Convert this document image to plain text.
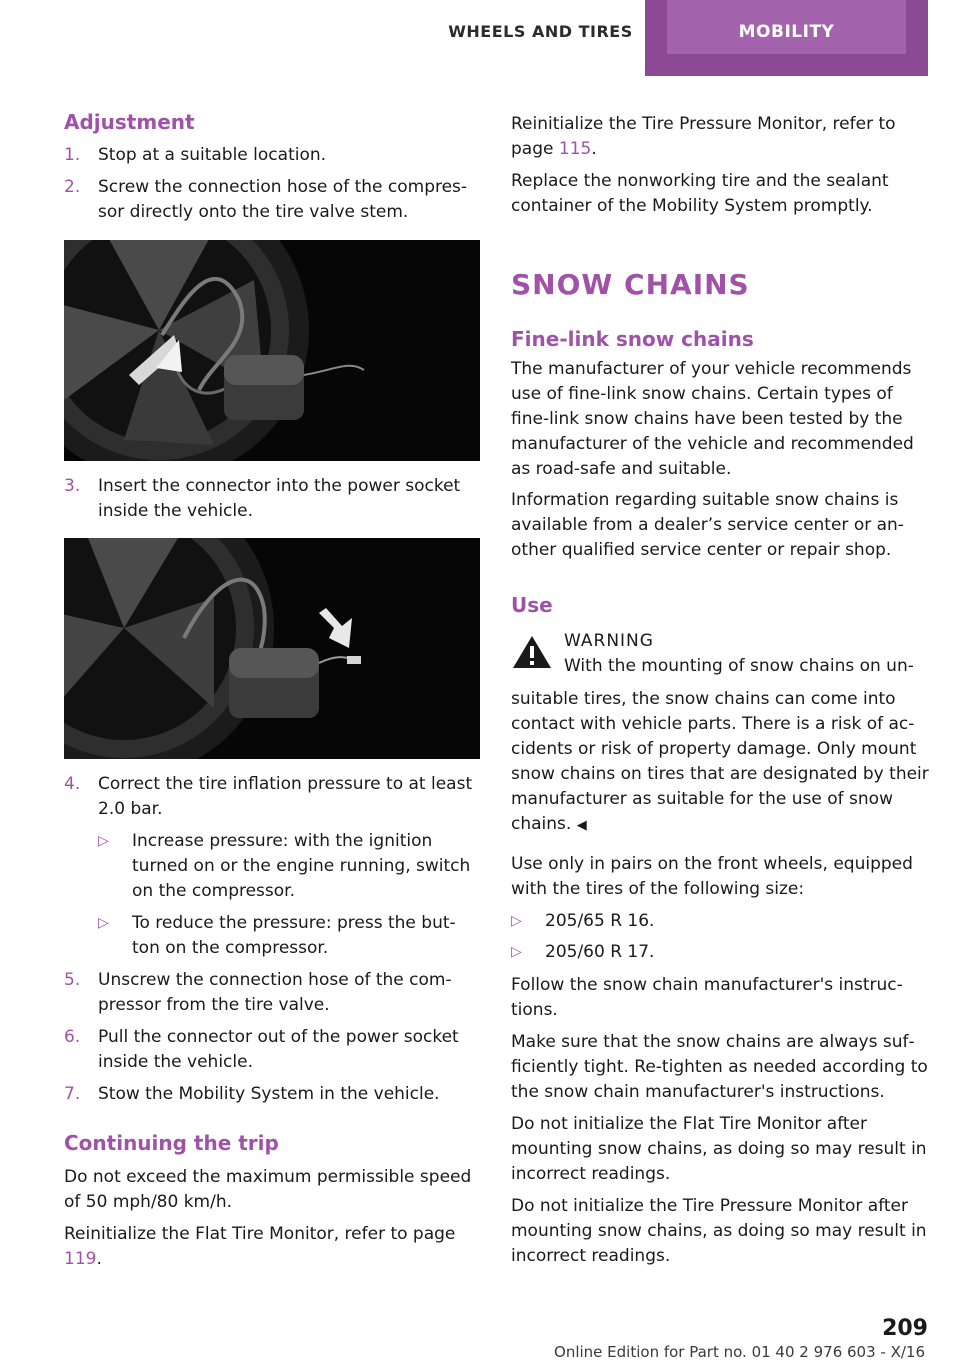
WHEELS AND TIRES	MOBILITY
Adjustment
1. Stop at a suitable location.
2. Screw the connection hose of the compres‐ sor directly onto the tire valve stem.
3. Insert the connector into the power socket inside the vehicle.
4. Correct the tire inflation pressure to at least 2.0 bar.
▷ Increase pressure: with the ignition turned on or the engine running, switch on the compressor.
▷ To reduce the pressure: press the but‐ ton on the compressor.
5. Unscrew the connection hose of the com‐ pressor from the tire valve.
6. Pull the connector out of the power socket inside the vehicle.
7. Stow the Mobility System in the vehicle.
Continuing the trip
Do not exceed the maximum permissible speed of 50 mph/80 km/h.
Reinitialize the Flat Tire Monitor, refer to page 119.
Reinitialize the Tire Pressure Monitor, refer to page 115.
Replace the nonworking tire and the sealant container of the Mobility System promptly.
SNOW CHAINS
Fine-link snow chains
The manufacturer of your vehicle recommends use of fine-link snow chains. Certain types of fine-link snow chains have been tested by the manufacturer of the vehicle and recommended as road-safe and suitable.
Information regarding suitable snow chains is available from a dealer’s service center or an‐ other qualified service center or repair shop.
Use
WARNING
With the mounting of snow chains on un‐
suitable tires, the snow chains can come into contact with vehicle parts. There is a risk of ac‐ cidents or risk of property damage. Only mount snow chains on tires that are designated by their manufacturer as suitable for the use of snow chains. ◀
Use only in pairs on the front wheels, equipped with the tires of the following size:
▷ 205/65 R 16.
▷ 205/60 R 17.
Follow the snow chain manufacturer's instruc‐ tions.
Make sure that the snow chains are always suf‐ ficiently tight. Re-tighten as needed according to the snow chain manufacturer's instructions.
Do not initialize the Flat Tire Monitor after mounting snow chains, as doing so may result in incorrect readings.
Do not initialize the Tire Pressure Monitor after mounting snow chains, as doing so may result in incorrect readings.
209
Online Edition for Part no. 01 40 2 976 603 - X/16
